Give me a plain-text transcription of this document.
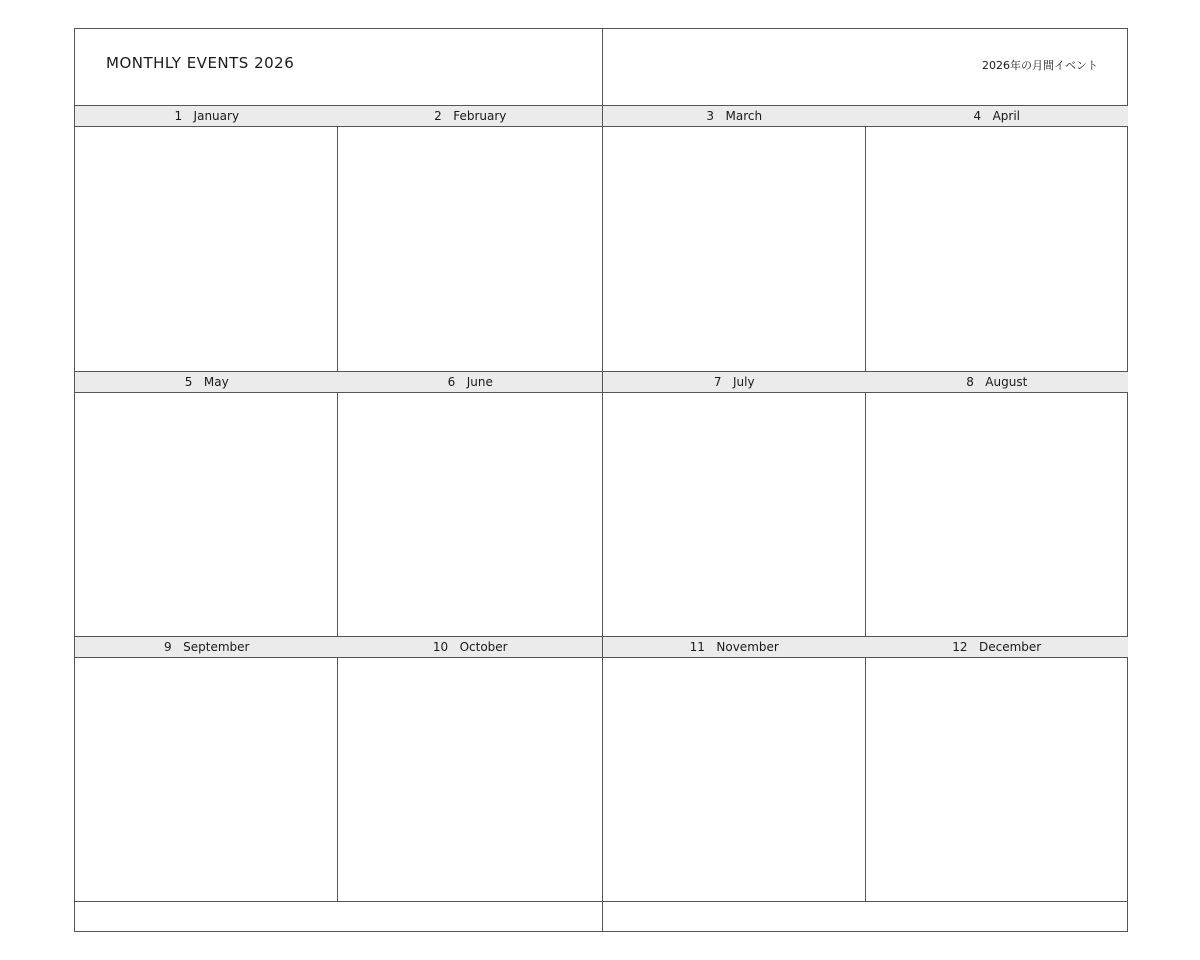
MONTHLY EVENTS 2026
1 January	2 February
5 May	6 June
9 September	10 October
2026年の月間イベント
3 March	4 April
7 July	8 August
11 November	12 December
